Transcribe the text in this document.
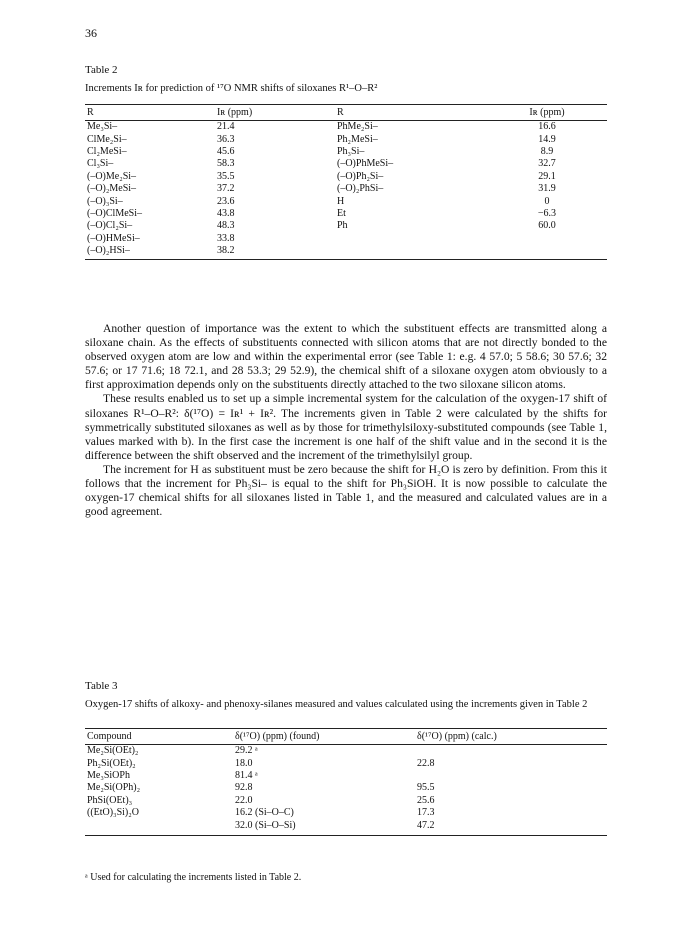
36
Table 2
Increments Iʀ for prediction of ¹⁷O NMR shifts of siloxanes R¹–O–R²
R	Iʀ (ppm)	R	Iʀ (ppm)
Me₃Si–	21.4	PhMe₂Si–	16.6
ClMe₂Si–	36.3	Ph₂MeSi–	14.9
Cl₂MeSi–	45.6	Ph₃Si–	8.9
Cl₃Si–	58.3	(–O)PhMeSi–	32.7
(–O)Me₂Si–	35.5	(–O)Ph₂Si–	29.1
(–O)₂MeSi–	37.2	(–O)₂PhSi–	31.9
(–O)₃Si–	23.6	H	0
(–O)ClMeSi–	43.8	Et	−6.3
(–O)Cl₂Si–	48.3	Ph	60.0
(–O)HMeSi–	33.8		
(–O)₂HSi–	38.2		

Another question of importance was the extent to which the substituent effects are transmitted along a siloxane chain. As the effects of substituents connected with silicon atoms that are not directly bonded to the observed oxygen atom are low and within the experimental error (see Table 1: e.g. 4 57.0; 5 58.6; 30 57.6; 32 57.6; or 17 71.6; 18 72.1, and 28 53.3; 29 52.9), the chemical shift of a siloxane oxygen atom obviously to a first approximation depends only on the substituents directly attached to the two siloxane silicon atoms.

These results enabled us to set up a simple incremental system for the calculation of the oxygen-17 shift of siloxanes R¹–O–R²: δ(¹⁷O) = Iʀ¹ + Iʀ². The increments given in Table 2 were calculated by the shifts for symmetrically substituted siloxanes as well as by those for trimethylsiloxy-substituted compounds (see Table 1, values marked with b). In the first case the increment is one half of the shift value and in the second it is the difference between the shift observed and the increment of the trimethylsilyl group.

The increment for H as substituent must be zero because the shift for H₂O is zero by definition. From this it follows that the increment for Ph₃Si– is equal to the shift for Ph₃SiOH. It is now possible to calculate the oxygen-17 chemical shifts for all siloxanes listed in Table 1, and the measured and calculated values are in a good agreement.

Table 3
Oxygen-17 shifts of alkoxy- and phenoxy-silanes measured and values calculated using the increments given in Table 2
Compound	δ(¹⁷O) (ppm) (found)	δ(¹⁷O) (ppm) (calc.)
Me₂Si(OEt)₂	29.2 ᵃ	
Ph₂Si(OEt)₂	18.0	22.8
Me₃SiOPh	81.4 ᵃ	
Me₂Si(OPh)₂	92.8	95.5
PhSi(OEt)₃	22.0	25.6
((EtO)₃Si)₂O	16.2 (Si–O–C)	17.3
	32.0 (Si–O–Si)	47.2
ᵃ Used for calculating the increments listed in Table 2.
